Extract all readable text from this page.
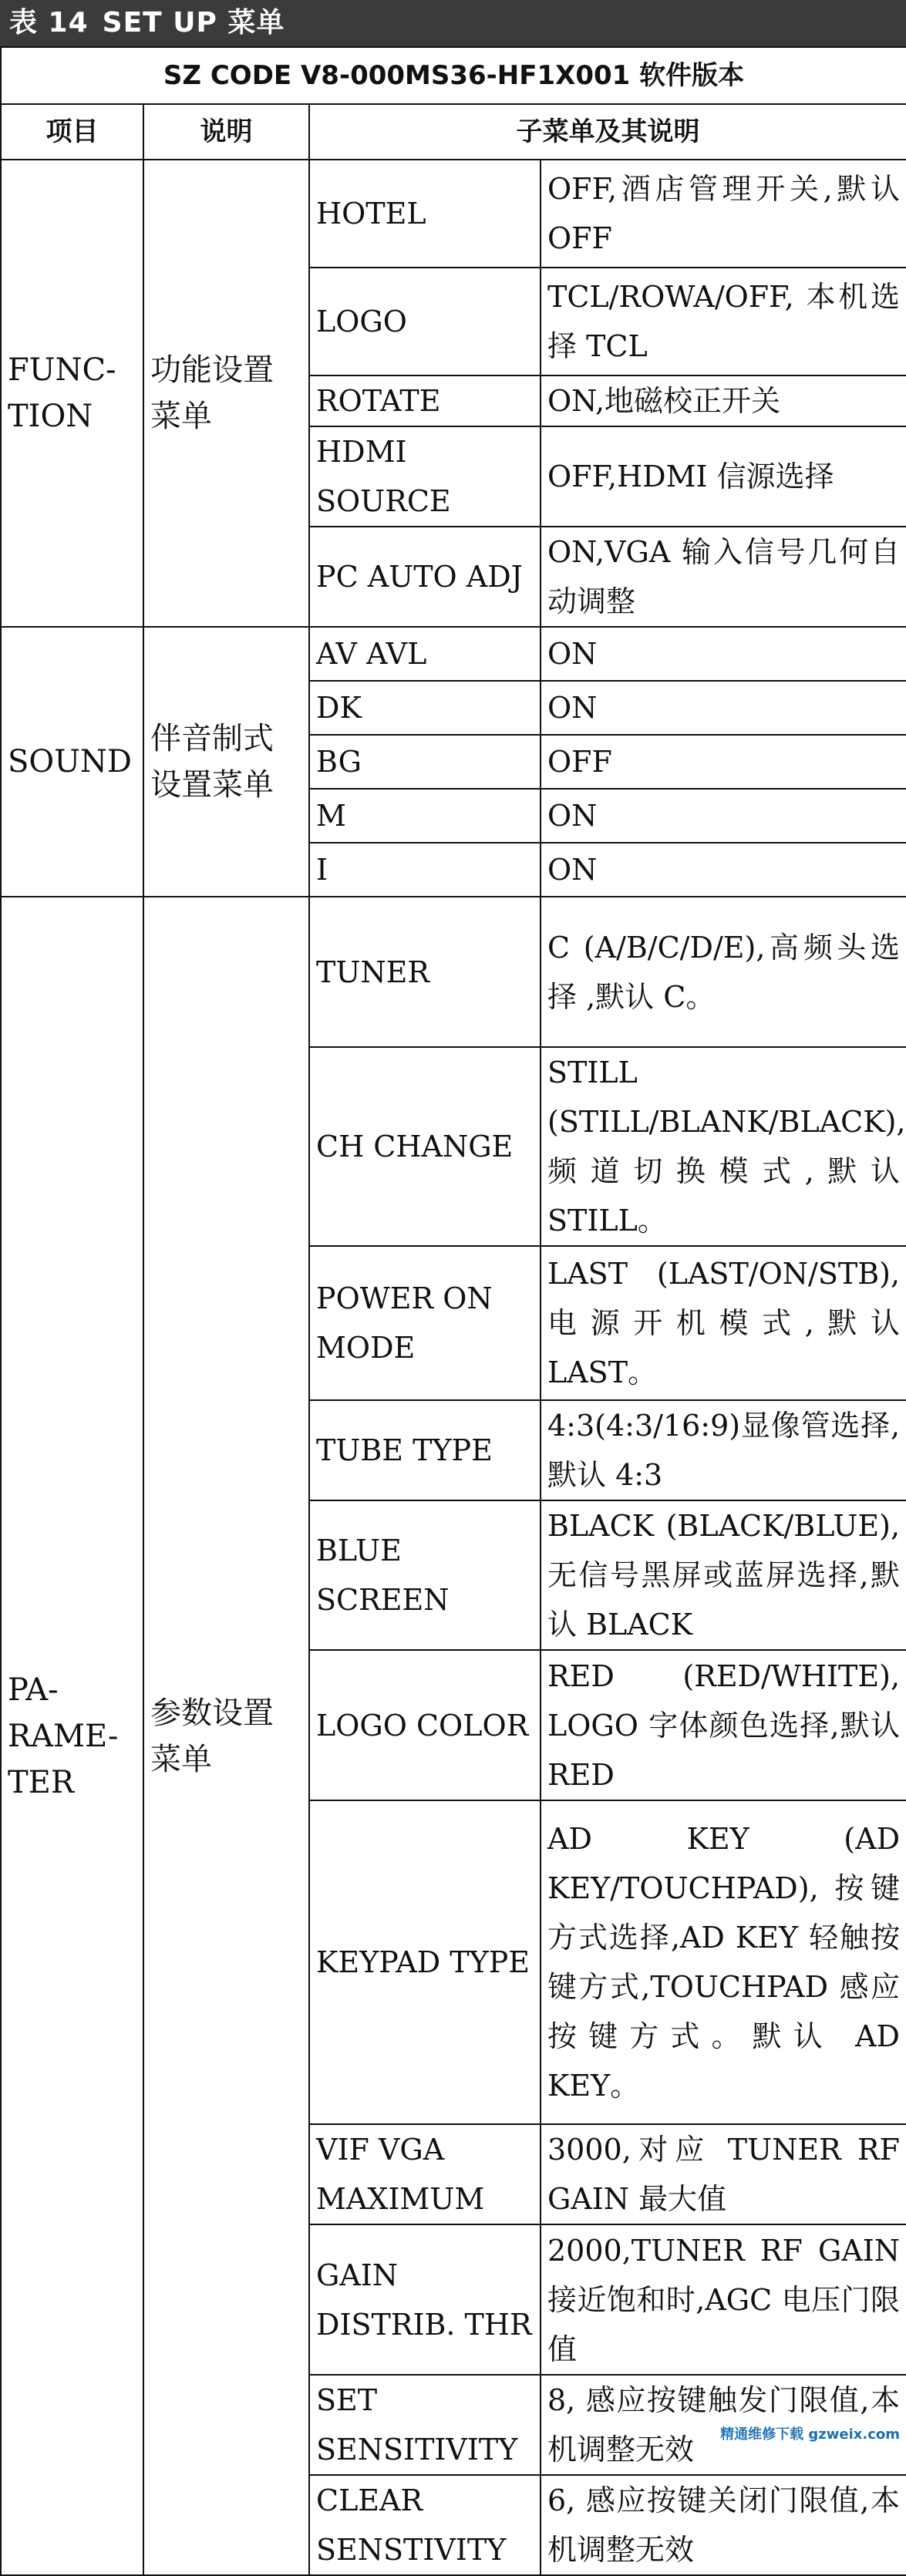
表 14 SET UP 菜单
SZ CODE V8-000MS36-HF1X001 软件版本			
项目	说明	子菜单及其说明	
FUNC-TION	功能设置菜单	HOTEL	OFF,酒店管理开关,默认 OFF
		LOGO	TCL/ROWA/OFF, 本机选择 TCL
		ROTATE	ON,地磁校正开关
		HDMI SOURCE	OFF,HDMI 信源选择
		PC AUTO ADJ	ON,VGA 输入信号几何自动调整
SOUND	伴音制式设置菜单	AV AVL	ON
		DK	ON
		BG	OFF
		M	ON
		I	ON
PA-RAME-TER	参数设置菜单	TUNER	C (A/B/C/D/E),高频头选择 ,默认 C。
		CH CHANGE	STILL (STILL/BLANK/BLACK), 频道切换模式,默认 STILL。
		POWER ON MODE	LAST (LAST/ON/STB),电源开机模式,默认 LAST。
		TUBE TYPE	4:3(4:3/16:9)显像管选择,默认 4:3
		BLUE SCREEN	BLACK (BLACK/BLUE), 无信号黑屏或蓝屏选择,默认 BLACK
		LOGO COLOR	RED (RED/WHITE), LOGO 字体颜色选择,默认 RED
		KEYPAD TYPE	AD KEY (AD KEY/TOUCHPAD), 按键方式选择,AD KEY 轻触按键方式,TOUCHPAD 感应按键方式。默认 AD KEY。
		VIF VGA MAXIMUM	3000,对应 TUNER RF GAIN 最大值
		GAIN DISTRIB. THR	2000,TUNER RF GAIN 接近饱和时,AGC 电压门限值
		SET SENSITIVITY	8, 感应按键触发门限值,本机调整无效
		CLEAR SENSTIVITY	6, 感应按键关闭门限值,本机调整无效 精通维修下载 gzweix.com
